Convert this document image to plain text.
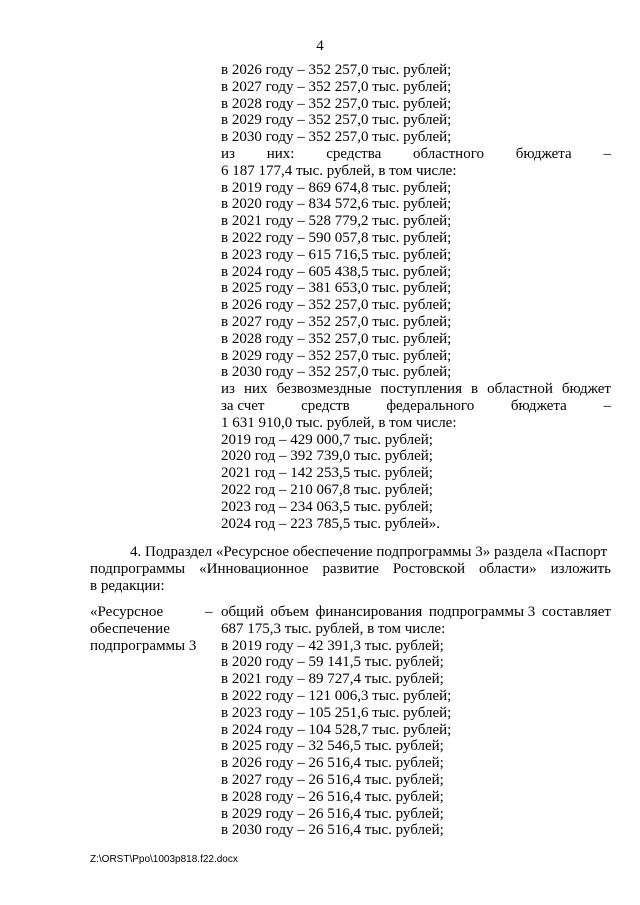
4
в 2026 году – 352 257,0 тыс. рублей;
в 2027 году – 352 257,0 тыс. рублей;
в 2028 году – 352 257,0 тыс. рублей;
в 2029 году – 352 257,0 тыс. рублей;
в 2030 году – 352 257,0 тыс. рублей;
из них: средства областного бюджета –
6 187 177,4 тыс. рублей, в том числе:
в 2019 году – 869 674,8 тыс. рублей;
в 2020 году – 834 572,6 тыс. рублей;
в 2021 году – 528 779,2 тыс. рублей;
в 2022 году – 590 057,8 тыс. рублей;
в 2023 году – 615 716,5 тыс. рублей;
в 2024 году – 605 438,5 тыс. рублей;
в 2025 году – 381 653,0 тыс. рублей;
в 2026 году – 352 257,0 тыс. рублей;
в 2027 году – 352 257,0 тыс. рублей;
в 2028 году – 352 257,0 тыс. рублей;
в 2029 году – 352 257,0 тыс. рублей;
в 2030 году – 352 257,0 тыс. рублей;
из них безвозмездные поступления в областной бюджет
за счет средств федерального бюджета –
1 631 910,0 тыс. рублей, в том числе:
2019 год – 429 000,7 тыс. рублей;
2020 год – 392 739,0 тыс. рублей;
2021 год – 142 253,5 тыс. рублей;
2022 год – 210 067,8 тыс. рублей;
2023 год – 234 063,5 тыс. рублей;
2024 год – 223 785,5 тыс. рублей».
4. Подраздел «Ресурсное обеспечение подпрограммы 3» раздела «Паспорт
подпрограммы «Инновационное развитие Ростовской области» изложить
в редакции:
«Ресурсное
обеспечение
подпрограммы 3
– общий объем финансирования подпрограммы 3 составляет
687 175,3 тыс. рублей, в том числе:
в 2019 году – 42 391,3 тыс. рублей;
в 2020 году – 59 141,5 тыс. рублей;
в 2021 году – 89 727,4 тыс. рублей;
в 2022 году – 121 006,3 тыс. рублей;
в 2023 году – 105 251,6 тыс. рублей;
в 2024 году – 104 528,7 тыс. рублей;
в 2025 году – 32 546,5 тыс. рублей;
в 2026 году – 26 516,4 тыс. рублей;
в 2027 году – 26 516,4 тыс. рублей;
в 2028 году – 26 516,4 тыс. рублей;
в 2029 году – 26 516,4 тыс. рублей;
в 2030 году – 26 516,4 тыс. рублей;
Z:\ORST\Ppo\1003p818.f22.docx
